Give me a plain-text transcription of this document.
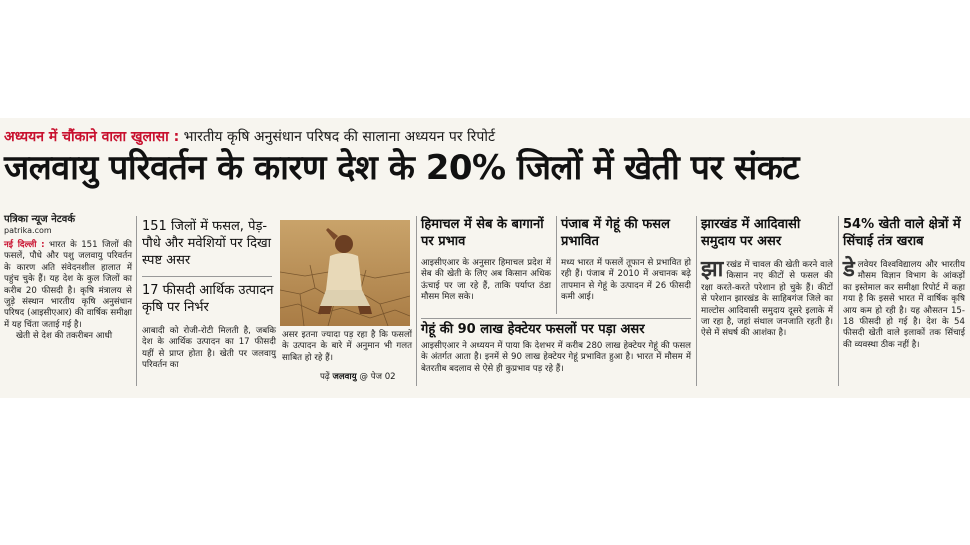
अध्ययन में चौंकाने वाला खुलासा : भारतीय कृषि अनुसंधान परिषद की सालाना अध्ययन पर रिपोर्ट
जलवायु परिवर्तन के कारण देश के 20% जिलों में खेती पर संकट
पत्रिका न्यूज नेटवर्क
patrika.com

नई दिल्ली : भारत के 151 जिलों की फसलें, पौधे और पशु जलवायु परिवर्तन के कारण अति संवेदनशील हालात में पहुंच चुके हैं। यह देश के कुल जिलों का करीब 20 फीसदी है। कृषि मंत्रालय से जुड़े संस्थान भारतीय कृषि अनुसंधान परिषद (आइसीएआर) की वार्षिक समीक्षा में यह चिंता जताई गई है।

खेती से देश की तकरीबन आधी

151 जिलों में फसल, पेड़-पौधे और मवेशियों पर दिखा स्पष्ट असर
17 फीसदी आर्थिक उत्पादन कृषि पर निर्भर
आबादी को रोजी-रोटी मिलती है, जबकि देश के आर्थिक उत्पादन का 17 फीसदी यहीं से प्राप्त होता है। खेती पर जलवायु परिवर्तन का
असर इतना ज्यादा पड़ रहा है कि फसलों के उत्पादन के बारे में अनुमान भी गलत साबित हो रहे हैं।
पढ़ें जलवायु @ पेज 02
हिमाचल में सेब के बागानों पर प्रभाव
आइसीएआर के अनुसार हिमाचल प्रदेश में सेब की खेती के लिए अब किसान अधिक ऊंचाई पर जा रहे हैं, ताकि पर्याप्त ठंडा मौसम मिल सके।
पंजाब में गेहूं की फसल प्रभावित
मध्य भारत में फसलें तूफान से प्रभावित हो रही हैं। पंजाब में 2010 में अचानक बढ़े तापमान से गेहूं के उत्पादन में 26 फीसदी कमी आई।
गेहूं की 90 लाख हेक्टेयर फसलों पर पड़ा असर
आइसीएआर ने अध्ययन में पाया कि देशभर में करीब 280 लाख हेक्टेयर गेहूं की फसल के अंतर्गत आता है। इनमें से 90 लाख हेक्टेयर गेहूं प्रभावित हुआ है। भारत में मौसम में बेतरतीब बदलाव से ऐसे ही कुप्रभाव पड़ रहे हैं।
झारखंड में आदिवासी समुदाय पर असर
झारखंड में चावल की खेती करने वाले किसान नए कीटों से फसल की रक्षा करते-करते परेशान हो चुके हैं। कीटों से परेशान झारखंड के साहिबगंज जिले का माल्टोस आदिवासी समुदाय दूसरे इलाके में जा रहा है, जहां संथाल जनजाति रहती है। ऐसे में संघर्ष की आशंका है।
54% खेती वाले क्षेत्रों में सिंचाई तंत्र खराब
डेलवेयर विश्वविद्यालय और भारतीय मौसम विज्ञान विभाग के आंकड़ों का इस्तेमाल कर समीक्षा रिपोर्ट में कहा गया है कि इससे भारत में वार्षिक कृषि आय कम हो रही है। यह औसतन 15-18 फीसदी हो गई है। देश के 54 फीसदी खेती वाले इलाकों तक सिंचाई की व्यवस्था ठीक नहीं है।
